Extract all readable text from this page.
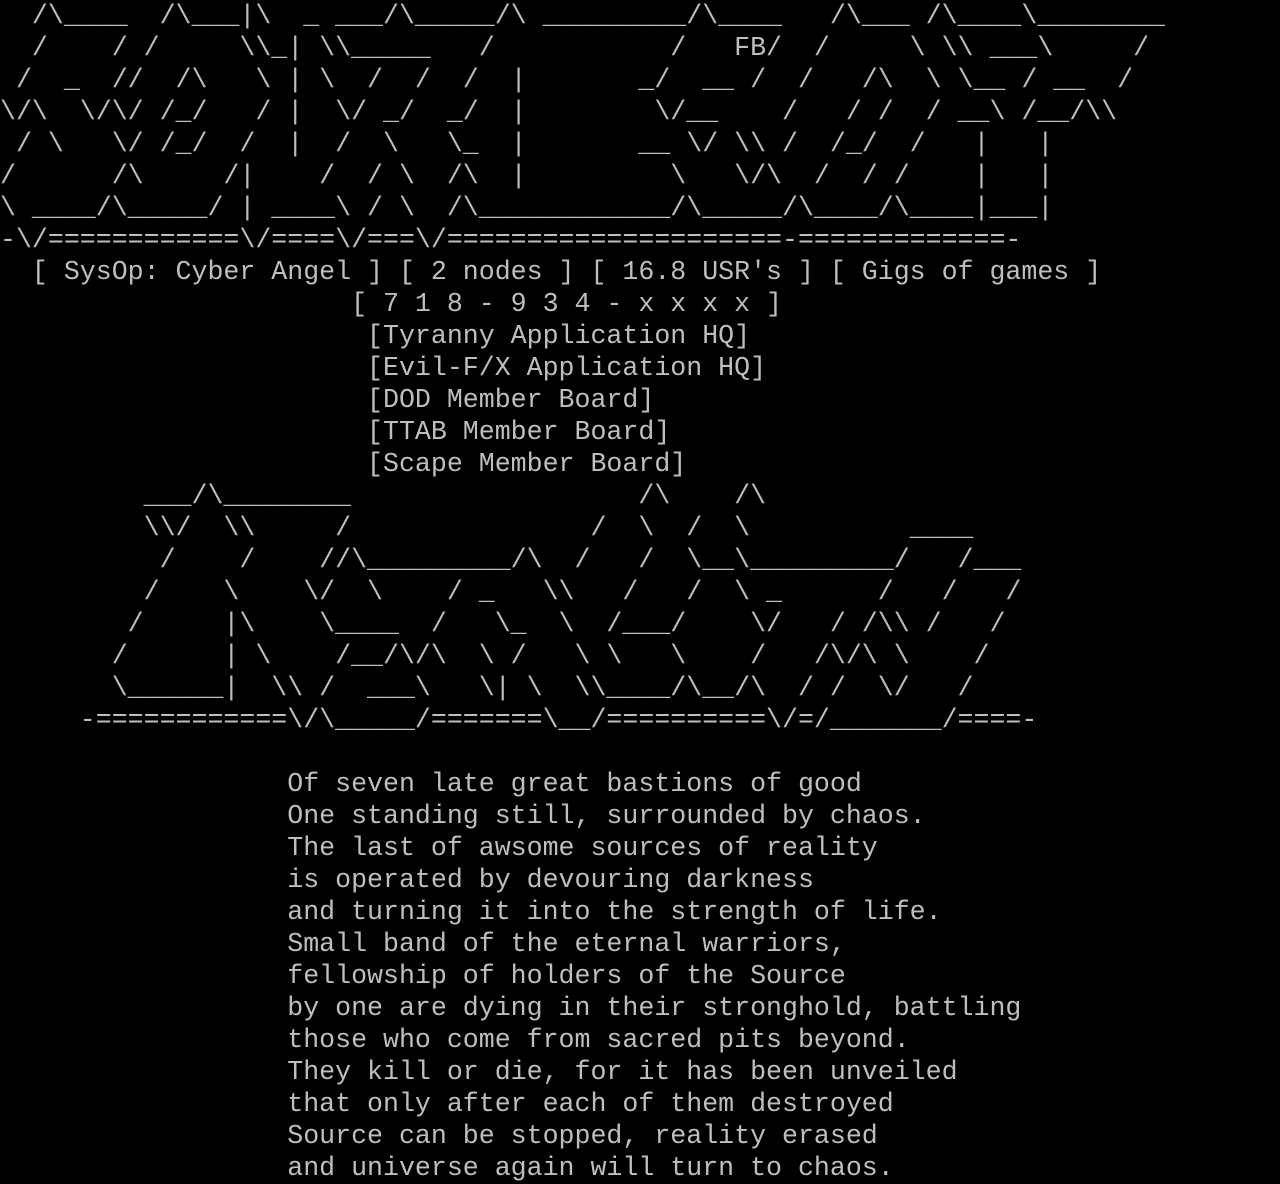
/\____  /\___|\  _ ___/\_____/\ _________/\____   /\___ /\____\________
/    / /     \\_| \\_____   /           /   FB/  /     \ \\ ___\     /
/  _  //  /\   \ | \  /  /  /  |       _/  __ /  /   /\  \ \__ / __  /
\/\  \/\/ /_/   / |  \/ _/  _/  |        \/__    /   / /  / __\ /__/\\
/ \   \/ /_/  /  |  /  \   \_  |       __ \/ \\ /  /_/  /   |   |
/      /\     /|    /  / \  /\  |         \   \/\  /  / /    |   |
\ ____/\_____/ | ____\ / \  /\____________/\_____/\____/\____|___|
-\/============\/====\/===\/=====================-=============-
[ SysOp: Cyber Angel ] [ 2 nodes ] [ 16.8 USR's ] [ Gigs of games ]
[ 7 1 8 - 9 3 4 - x x x x ]
[Tyranny Application HQ]
[Evil-F/X Application HQ]
[DOD Member Board]
[TTAB Member Board]
[Scape Member Board]
___/\________                  /\    /\
\\/  \\     /               /  \  /  \          ____
/    /    //\_________/\  /   /  \__\_________/   /___
/    \    \/  \    / _   \\   /   /  \ _      /   /   /
/     |\    \____  /   \_  \  /___/    \/   / /\\ /   /
/      | \    /__/\/\  \ /   \ \   \    /   /\/\ \    /
\______|  \\ /  ___\   \| \  \\____/\__/\  / /  \/   /
-============\/\_____/=======\__/==========\/=/_______/====-
Of seven late great bastions of good
One standing still, surrounded by chaos.
The last of awsome sources of reality
is operated by devouring darkness
and turning it into the strength of life.
Small band of the eternal warriors,
fellowship of holders of the Source
by one are dying in their stronghold, battling
those who come from sacred pits beyond.
They kill or die, for it has been unveiled
that only after each of them destroyed
Source can be stopped, reality erased
and universe again will turn to chaos.
